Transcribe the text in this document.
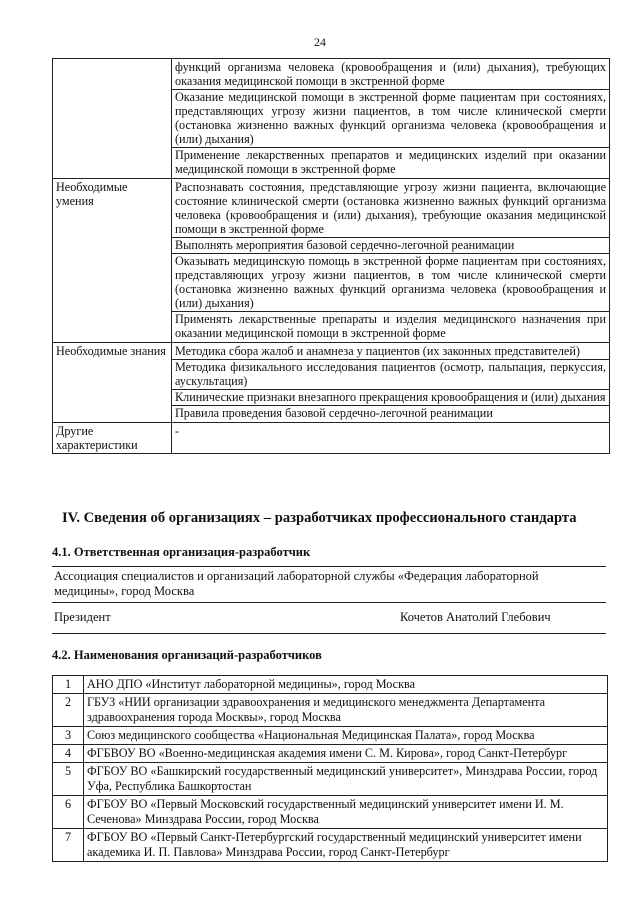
24

	функций организма человека (кровообращения и (или) дыхания), требующих оказания медицинской помощи в экстренной форме
Оказание медицинской помощи в экстренной форме пациентам при состояниях, представляющих угрозу жизни пациентов, в том числе клинической смерти (остановка жизненно важных функций организма человека (кровообращения и (или) дыхания)
Применение лекарственных препаратов и медицинских изделий при оказании медицинской помощи в экстренной форме

Необходимые умения	Распознавать состояния, представляющие угрозу жизни пациента, включающие состояние клинической смерти (остановка жизненно важных функций организма человека (кровообращения и (или) дыхания), требующие оказания медицинской помощи в экстренной форме
Выполнять мероприятия базовой сердечно-легочной реанимации
Оказывать медицинскую помощь в экстренной форме пациентам при состояниях, представляющих угрозу жизни пациентов, в том числе клинической смерти (остановка жизненно важных функций организма человека (кровообращения и (или) дыхания)
Применять лекарственные препараты и изделия медицинского назначения при оказании медицинской помощи в экстренной форме

Необходимые знания	Методика сбора жалоб и анамнеза у пациентов (их законных представителей)
Методика физикального исследования пациентов (осмотр, пальпация, перкуссия, аускультация)
Клинические признаки внезапного прекращения кровообращения и (или) дыхания
Правила проведения базовой сердечно-легочной реанимации

Другие характеристики	-
IV. Сведения об организациях – разработчиках профессионального стандарта
4.1. Ответственная организация-разработчик
Ассоциация специалистов и организаций лабораторной службы «Федерация лабораторной медицины», город Москва
Президент	Кочетов Анатолий Глебович
4.2. Наименования организаций-разработчиков
1	АНО ДПО «Институт лабораторной медицины», город Москва
2	ГБУЗ «НИИ организации здравоохранения и медицинского менеджмента Департамента здравоохранения города Москвы», город Москва
3	Союз медицинского сообщества «Национальная Медицинская Палата», город Москва
4	ФГБВОУ ВО «Военно-медицинская академия имени С. М. Кирова», город Санкт-Петербург
5	ФГБОУ ВО «Башкирский государственный медицинский университет», Минздрава России, город Уфа, Республика Башкортостан
6	ФГБОУ ВО «Первый Московский государственный медицинский университет имени И. М. Сеченова» Минздрава России, город Москва
7	ФГБОУ ВО «Первый Санкт-Петербургский государственный медицинский университет имени академика И. П. Павлова» Минздрава России, город Санкт-Петербург
